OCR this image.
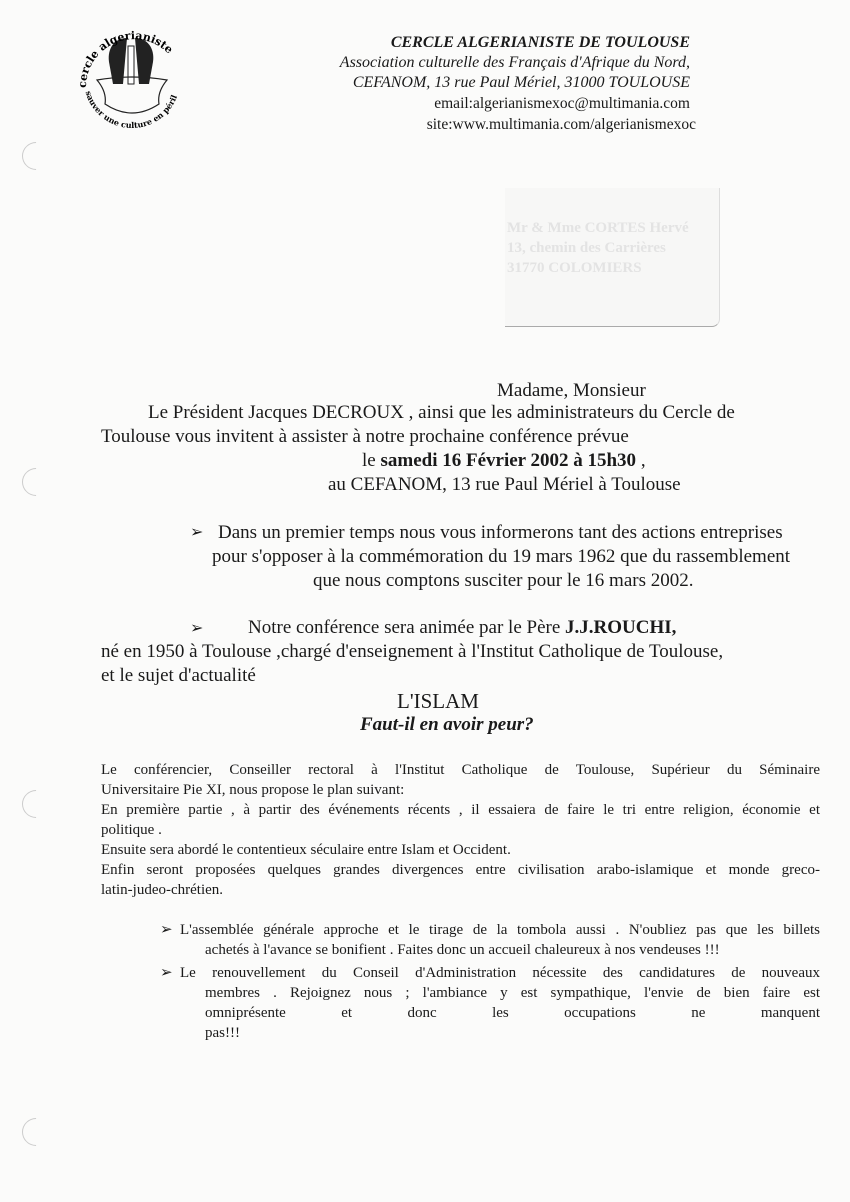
cercle algerianiste
sauver une culture en péril
CERCLE ALGERIANISTE DE TOULOUSE
Association culturelle des Français d'Afrique du Nord,
CEFANOM, 13 rue Paul Mériel, 31000 TOULOUSE
email:algerianismexoc@multimania.com
site:www.multimania.com/algerianismexoc
Mr & Mme CORTES Hervé
13, chemin des Carrières
31770 COLOMIERS
Madame, Monsieur
Le Président Jacques DECROUX , ainsi que les administrateurs du Cercle de
Toulouse vous invitent à assister à notre prochaine conférence prévue
le samedi 16 Février 2002 à 15h30 ,
au CEFANOM, 13 rue Paul Mériel à Toulouse
➢ Dans un premier temps nous vous informerons tant des actions entreprises
pour s'opposer à la commémoration du 19 mars 1962 que du rassemblement
que nous comptons susciter pour le 16 mars 2002.
➢ Notre conférence sera animée par le Père J.J.ROUCHI,
né en 1950 à Toulouse ,chargé d'enseignement à l'Institut Catholique de Toulouse,
et le sujet d'actualité
L'ISLAM
Faut-il en avoir peur?
Le conférencier, Conseiller rectoral à l'Institut Catholique de Toulouse, Supérieur du Séminaire
Universitaire Pie XI, nous propose le plan suivant:
En première partie , à partir des événements récents , il essaiera de faire le tri entre religion, économie et
politique .
Ensuite sera abordé le contentieux séculaire entre Islam et Occident.
Enfin seront proposées quelques grandes divergences entre civilisation arabo-islamique et monde greco-
latin-judeo-chrétien.
➢ L'assemblée générale approche et le tirage de la tombola aussi . N'oubliez pas que les billets
achetés à l'avance se bonifient . Faites donc un accueil chaleureux à nos vendeuses !!!
➢ Le renouvellement du Conseil d'Administration nécessite des candidatures de nouveaux
membres . Rejoignez nous ; l'ambiance y est sympathique, l'envie de bien faire est
omniprésente et donc les occupations ne manquent pas!!!
